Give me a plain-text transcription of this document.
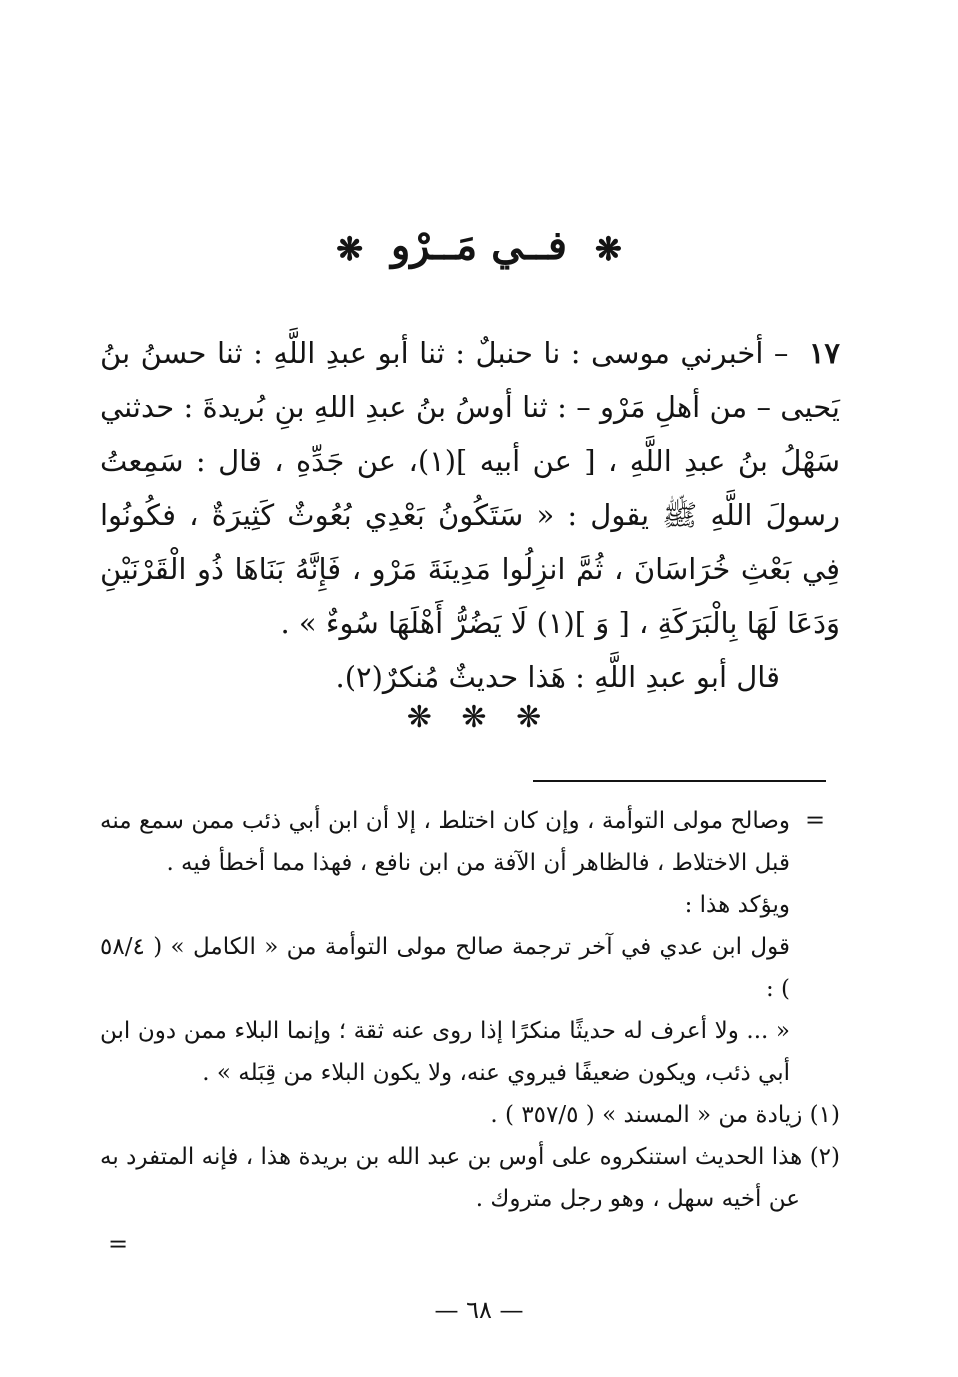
❋ فــي مَــرْو ❋

١٧ – أخبرني موسى : نا حنبلٌ : ثنا أبو عبدِ اللَّهِ : ثنا حسنُ بنُ يَحيى – من أهلِ مَرْو – : ثنا أوسُ بنُ عبدِ اللهِ بنِ بُريدةَ : حدثني سَهْلُ بنُ عبدِ اللَّهِ ، [ عن أبيه ](١)، عن جَدِّهِ ، قال : سَمِعتُ رسولَ اللَّهِ ﷺ يقول : « سَتَكُونُ بَعْدِي بُعُوثٌ كَثِيرَةٌ ، فكُونُوا فِي بَعْثِ خُرَاسَانَ ، ثُمَّ انزِلُوا مَدِينَةَ مَرْو ، فَإِنَّهُ بَنَاهَا ذُو الْقَرْنَيْنِ وَدَعَا لَهَا بِالْبَرَكَةِ ، [ وَ ](١) لَا يَضُرُّ أَهْلَهَا سُوءٌ » .

قال أبو عبدِ اللَّهِ : هَذا حديثٌ مُنكرٌ(٢).

❋ ❋ ❋
=

وصالح مولى التوأمة ، وإن كان اختلط ، إلا أن ابن أبي ذئب ممن سمع منه قبل الاختلاط ، فالظاهر أن الآفة من ابن نافع ، فهذا مما أخطأ فيه .

ويؤكد هذا :

قول ابن عدي في آخر ترجمة صالح مولى التوأمة من « الكامل » ( ٥٨/٤ ) :

« ... ولا أعرف له حديثًا منكرًا إذا روى عنه ثقة ؛ وإنما البلاء ممن دون ابن أبي ذئب، ويكون ضعيفًا فيروي عنه، ولا يكون البلاء من قِبَله » .

(١) زيادة من « المسند » ( ٣٥٧/٥ ) .

(٢) هذا الحديث استنكروه على أوس بن عبد الله بن بريدة هذا ، فإنه المتفرد به عن أخيه سهل ، وهو رجل متروك .

=
— ٦٨ —
